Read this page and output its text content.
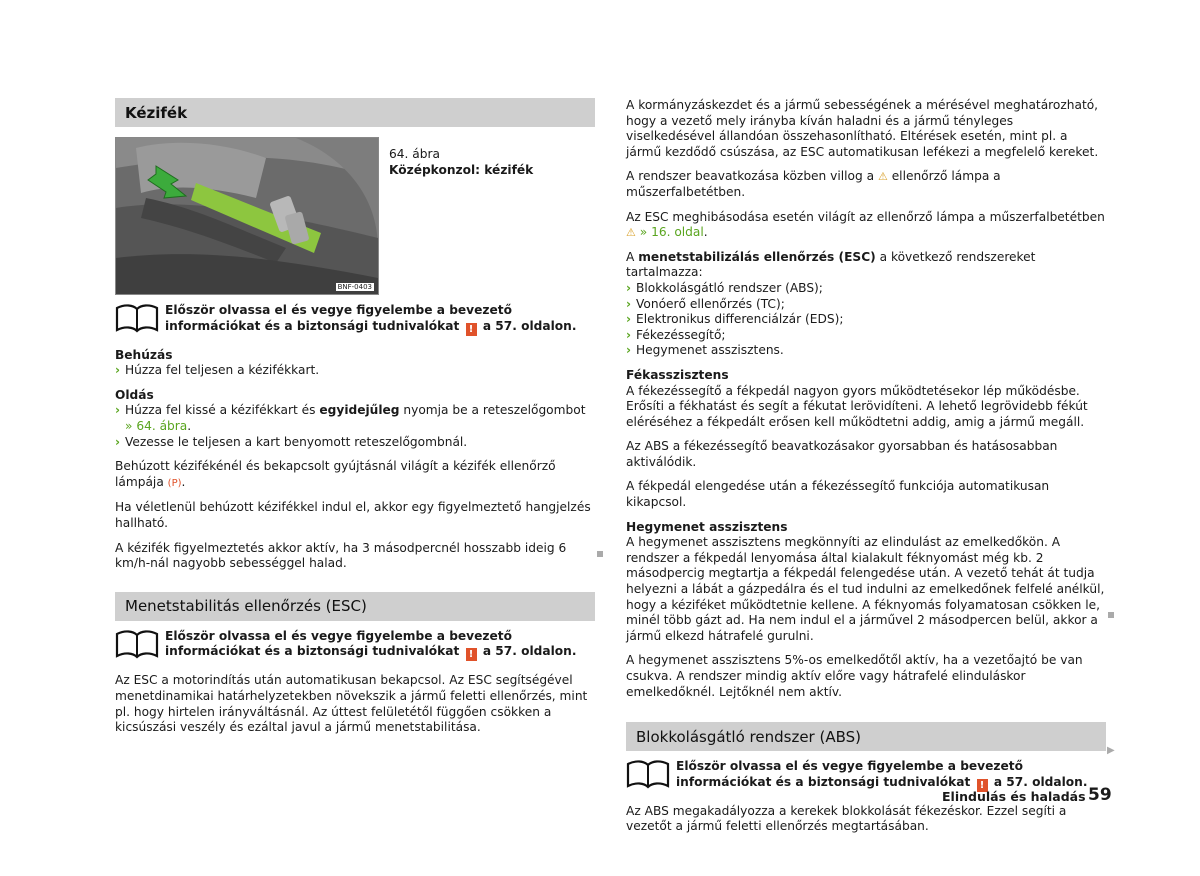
Kézifék
BNF-0403
64. ábra
Középkonzol: kézifék
Először olvassa el és vegye figyelembe a bevezető információkat és a biztonsági tudnivalókat ! a 57. oldalon.
Behúzás
› Húzza fel teljesen a kézifékkart.
Oldás
› Húzza fel kissé a kézifékkart és egyidejűleg nyomja be a reteszelőgombot » 64. ábra.
› Vezesse le teljesen a kart benyomott reteszelőgombnál.

Behúzott kézifékénél és bekapcsolt gyújtásnál világít a kézifék ellenőrző lámpája (P).

Ha véletlenül behúzott kézifékkel indul el, akkor egy figyelmeztető hangjelzés hallható.

A kézifék figyelmeztetés akkor aktív, ha 3 másodpercnél hosszabb ideig 6 km/h-nál nagyobb sebességgel halad.

Menetstabilitás ellenőrzés (ESC)
Először olvassa el és vegye figyelembe a bevezető információkat és a biztonsági tudnivalókat ! a 57. oldalon.

Az ESC a motorindítás után automatikusan bekapcsol. Az ESC segítségével menetdinamikai határhelyzetekben növekszik a jármű feletti ellenőrzés, mint pl. hogy hirtelen irányváltásnál. Az úttest felületétől függően csökken a kicsúszási veszély és ezáltal javul a jármű menetstabilitása.

A kormányzáskezdet és a jármű sebességének a mérésével meghatározható, hogy a vezető mely irányba kíván haladni és a jármű tényleges viselkedésével állandóan összehasonlítható. Eltérések esetén, mint pl. a jármű kezdődő csúszása, az ESC automatikusan lefékezi a megfelelő kereket.

A rendszer beavatkozása közben villog a ⚠ ellenőrző lámpa a műszerfalbetétben.

Az ESC meghibásodása esetén világít az ellenőrző lámpa a műszerfalbetétben ⚠ » 16. oldal.

A menetstabilizálás ellenőrzés (ESC) a következő rendszereket tartalmazza:

› Blokkolásgátló rendszer (ABS);
› Vonóerő ellenőrzés (TC);
› Elektronikus differenciálzár (EDS);
› Fékezéssegítő;
› Hegymenet asszisztens.
Fékasszisztens

A fékezéssegítő a fékpedál nagyon gyors működtetésekor lép működésbe. Erősíti a fékhatást és segít a fékutat lerövidíteni. A lehető legrövidebb fékút eléréséhez a fékpedált erősen kell működtetni addig, amig a jármű megáll.

Az ABS a fékezéssegítő beavatkozásakor gyorsabban és hatásosabban aktiválódik.

A fékpedál elengedése után a fékezéssegítő funkciója automatikusan kikapcsol.

Hegymenet asszisztens

A hegymenet asszisztens megkönnyíti az elindulást az emelkedőkön. A rendszer a fékpedál lenyomása által kialakult féknyomást még kb. 2 másodpercig megtartja a fékpedál felengedése után. A vezető tehát át tudja helyezni a lábát a gázpedálra és el tud indulni az emelkedőnek felfelé anélkül, hogy a kéziféket működtetnie kellene. A féknyomás folyamatosan csökken le, minél több gázt ad. Ha nem indul el a járművel 2 másodpercen belül, akkor a jármű elkezd hátrafelé gurulni.

A hegymenet asszisztens 5%-os emelkedőtől aktív, ha a vezetőajtó be van csukva. A rendszer mindig aktív előre vagy hátrafelé elinduláskor emelkedőknél. Lejtőknél nem aktív.

Blokkolásgátló rendszer (ABS)
Először olvassa el és vegye figyelembe a bevezető információkat és a biztonsági tudnivalókat ! a 57. oldalon.

Az ABS megakadályozza a kerekek blokkolását fékezéskor. Ezzel segíti a vezetőt a jármű feletti ellenőrzés megtartásában.

▶
Elindulás és haladás 59
